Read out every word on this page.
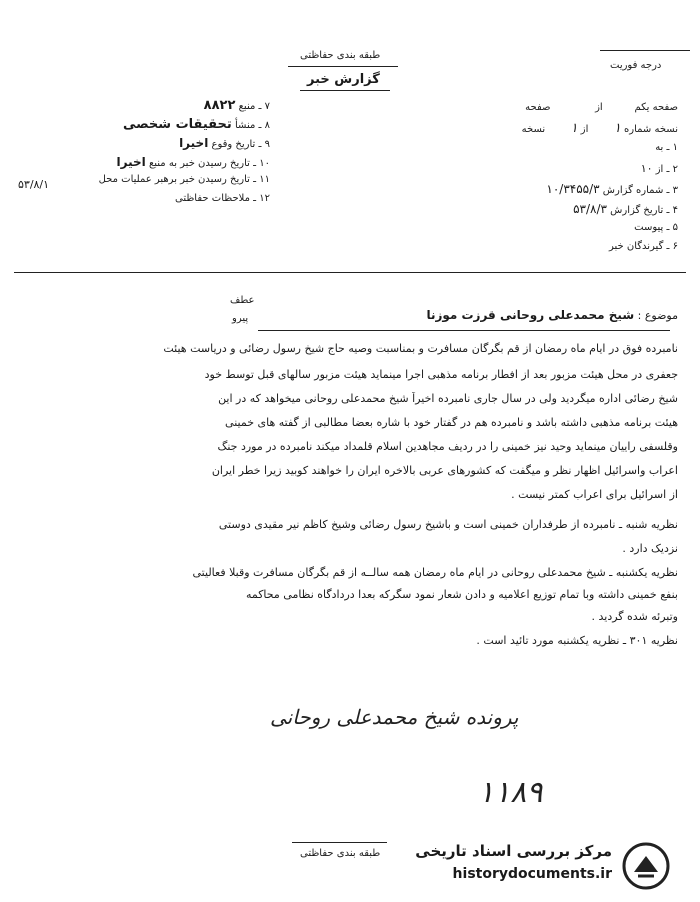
طبقه بندی حفاظتی
درجه فوریت
گزارش خبر
۷ ـ منبع ۸۸۲۲
۸ ـ منشأ تحقیقات شخصی
۹ ـ تاریخ وقوع اخیرا
۱۰ ـ تاریخ رسیدن خبر به منبع اخیرا
۱۱ ـ تاریخ رسیدن خبر برهبر عملیات محل
۵۳/۸/۱
۱۲ ـ ملاحظات حفاظتی
صفحه یکم          از              صفحه
نسخه شماره ۱        از ۱        نسخه
۱ ـ به
۲ ـ از ۱۰
۳ ـ شماره گزارش ۱۰/۳۴۵۵/۳
۴ ـ تاریخ گزارش ۵۳/۸/۳
۵ ـ پیوست
۶ ـ گیرندگان خبر
عطف
پیرو	موضوع : شیخ محمدعلی روحانی قرزت موزنا
نامبرده فوق در ایام ماه رمضان از قم بگرگان مسافرت و بمناسبت وصیه حاج شیخ رسول رضائی و دریاست هیئت
جعفری در محل هیئت مزبور بعد از افطار برنامه مذهبی اجرا مینماید هیئت مزبور سالهای قبل توسط خود
شیخ رضائی اداره میگردید ولی در سال جاری نامبرده اخیراً شیخ محمدعلی روحانی میخواهد که در این
هیئت برنامه مذهبی داشته باشد و نامبرده هم در گفتار خود با شاره بعضا مطالبی از گفته های خمینی
وقلسفی راییان مینماید وحید نیز خمینی را در ردیف مجاهدین اسلام قلمداد میکند نامبرده در مورد جنگ
اعراب واسرائیل اظهار نظر و میگفت که کشورهای عربی بالاخره ایران را خواهند کوبید زیرا خطر ایران
از اسرائیل برای اعراب کمتر نیست .
نظریه شنبه ـ نامبرده از طرفداران خمینی است و باشیخ رسول رضائی وشیخ کاظم نیر مقیدی دوستی
نزدیک دارد .
نظریه یکشنبه ـ شیخ محمدعلی روحانی در ایام ماه رمضان همه سالــه از قم بگرگان مسافرت وقبلا فعالیتی
بنفع خمینی داشته وبا تمام توزیع اعلامیه و دادن شعار نمود سگرکه بعدا دردادگاه نظامی محاکمه
وتبرئه شده گردید .
نظریه ۳۰۱ ـ نظریه یکشنبه مورد تائید است .
پرونده شیخ محمدعلی روحانی
۱۱۸۹
طبقه بندی حفاظتی مرکز بررسی اسناد تاریخی
historydocuments.ir
